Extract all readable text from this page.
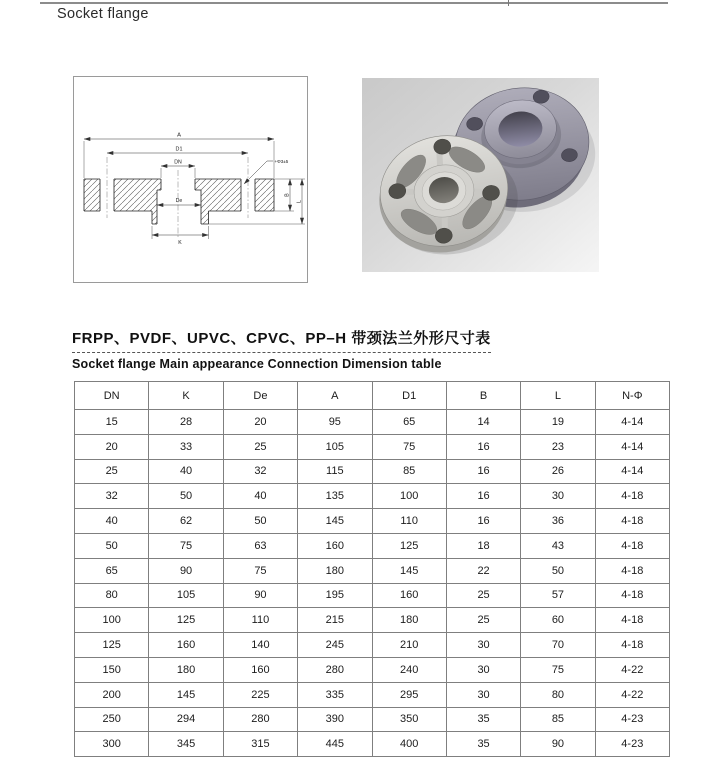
Socket flange
+Φ3±5
A
D1
DN
De
K
B
L
FRPP、PVDF、UPVC、CPVC、PP–H 带颈法兰外形尺寸表
Socket flange Main appearance Connection Dimension table
DN	K	De	A	D1	B	L	N-Φ
15	28	20	95	65	14	19	4-14
20	33	25	105	75	16	23	4-14
25	40	32	115	85	16	26	4-14
32	50	40	135	100	16	30	4-18
40	62	50	145	110	16	36	4-18
50	75	63	160	125	18	43	4-18
65	90	75	180	145	22	50	4-18
80	105	90	195	160	25	57	4-18
100	125	110	215	180	25	60	4-18
125	160	140	245	210	30	70	4-18
150	180	160	280	240	30	75	4-22
200	145	225	335	295	30	80	4-22
250	294	280	390	350	35	85	4-23
300	345	315	445	400	35	90	4-23
